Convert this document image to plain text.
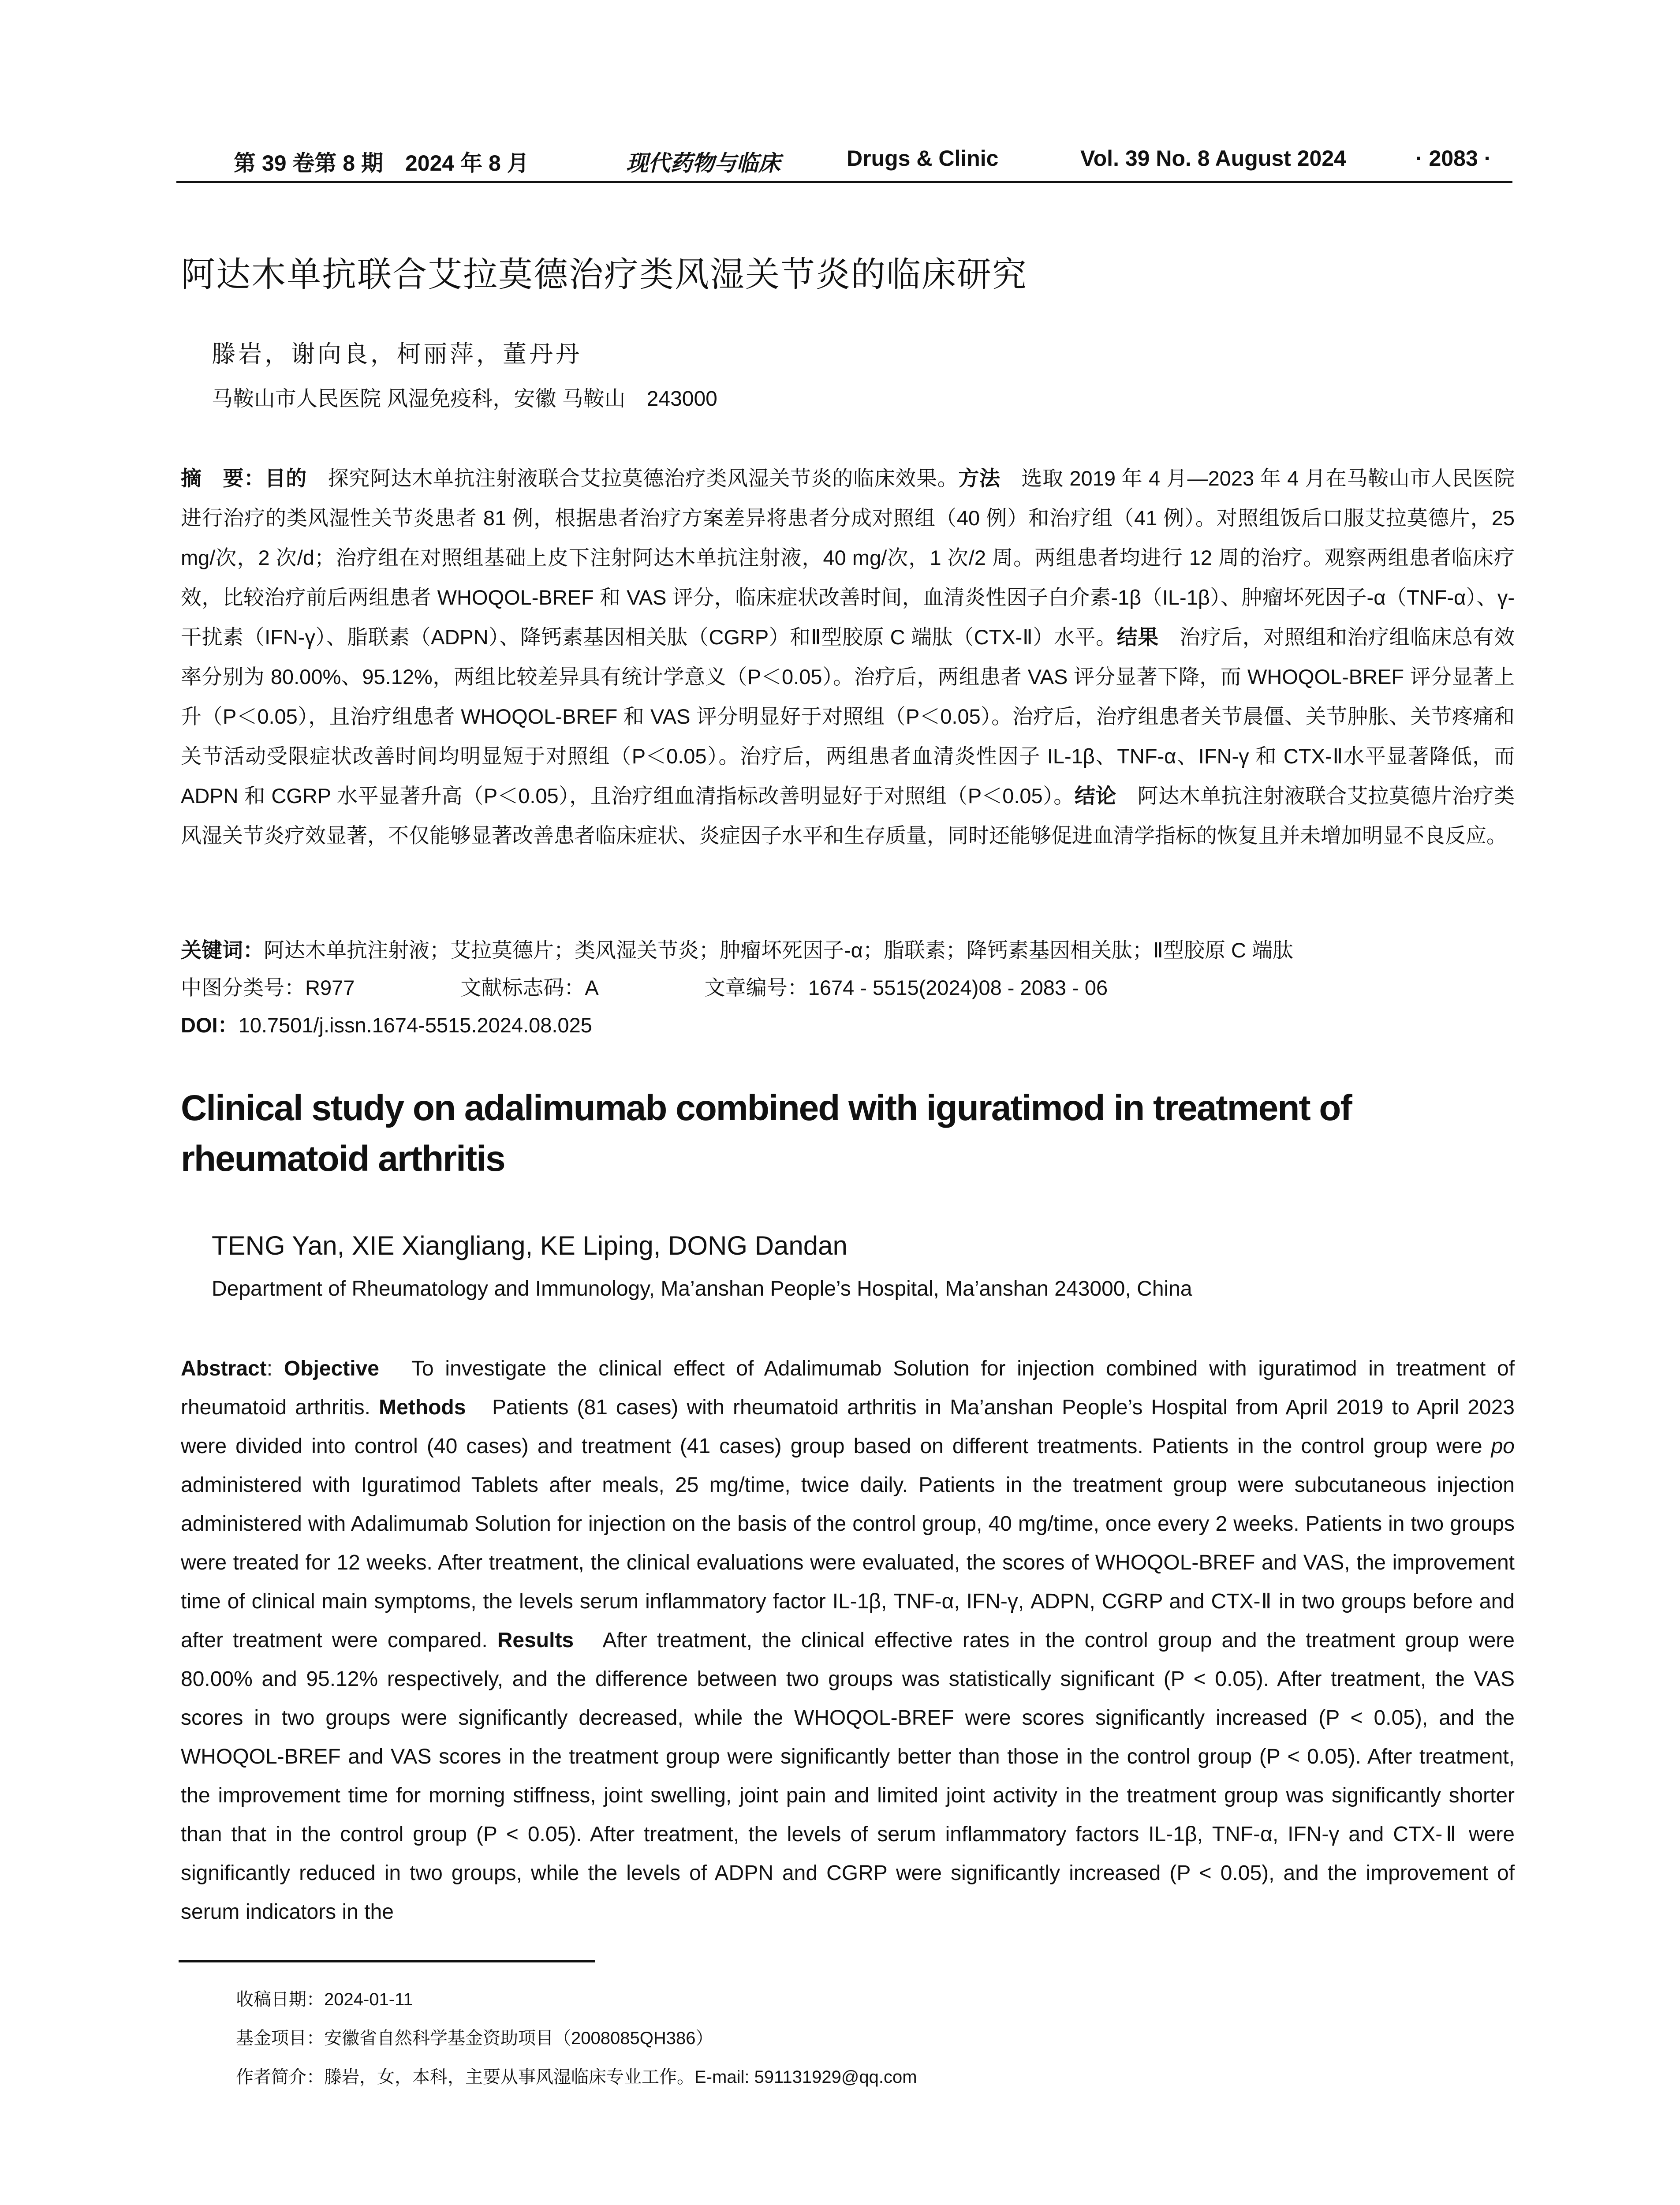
第 39 卷第 8 期　2024 年 8 月	现代药物与临床	Drugs & Clinic	Vol. 39 No. 8 August 2024	· 2083 ·
阿达木单抗联合艾拉莫德治疗类风湿关节炎的临床研究
滕岩，谢向良，柯丽萍，董丹丹
马鞍山市人民医院 风湿免疫科，安徽 马鞍山　243000
摘　要：目的　探究阿达木单抗注射液联合艾拉莫德治疗类风湿关节炎的临床效果。方法　选取 2019 年 4 月—2023 年 4 月在马鞍山市人民医院进行治疗的类风湿性关节炎患者 81 例，根据患者治疗方案差异将患者分成对照组（40 例）和治疗组（41 例）。对照组饭后口服艾拉莫德片，25 mg/次，2 次/d；治疗组在对照组基础上皮下注射阿达木单抗注射液，40 mg/次，1 次/2 周。两组患者均进行 12 周的治疗。观察两组患者临床疗效，比较治疗前后两组患者 WHOQOL-BREF 和 VAS 评分，临床症状改善时间，血清炎性因子白介素-1β（IL-1β）、肿瘤坏死因子-α（TNF-α）、γ-干扰素（IFN-γ）、脂联素（ADPN）、降钙素基因相关肽（CGRP）和Ⅱ型胶原 C 端肽（CTX-Ⅱ）水平。结果　治疗后，对照组和治疗组临床总有效率分别为 80.00%、95.12%，两组比较差异具有统计学意义（P＜0.05）。治疗后，两组患者 VAS 评分显著下降，而 WHOQOL-BREF 评分显著上升（P＜0.05），且治疗组患者 WHOQOL-BREF 和 VAS 评分明显好于对照组（P＜0.05）。治疗后，治疗组患者关节晨僵、关节肿胀、关节疼痛和关节活动受限症状改善时间均明显短于对照组（P＜0.05）。治疗后，两组患者血清炎性因子 IL-1β、TNF-α、IFN-γ 和 CTX-Ⅱ水平显著降低，而 ADPN 和 CGRP 水平显著升高（P＜0.05），且治疗组血清指标改善明显好于对照组（P＜0.05）。结论　阿达木单抗注射液联合艾拉莫德片治疗类风湿关节炎疗效显著，不仅能够显著改善患者临床症状、炎症因子水平和生存质量，同时还能够促进血清学指标的恢复且并未增加明显不良反应。
关键词：阿达木单抗注射液；艾拉莫德片；类风湿关节炎；肿瘤坏死因子-α；脂联素；降钙素基因相关肽；Ⅱ型胶原 C 端肽
中图分类号：R977	文献标志码：A	文章编号：1674 - 5515(2024)08 - 2083 - 06
DOI：10.7501/j.issn.1674-5515.2024.08.025
Clinical study on adalimumab combined with iguratimod in treatment of rheumatoid arthritis
TENG Yan, XIE Xiangliang, KE Liping, DONG Dandan
Department of Rheumatology and Immunology, Ma’anshan People’s Hospital, Ma’anshan 243000, China
Abstract: Objective　To investigate the clinical effect of Adalimumab Solution for injection combined with iguratimod in treatment of rheumatoid arthritis. Methods　Patients (81 cases) with rheumatoid arthritis in Ma’anshan People’s Hospital from April 2019 to April 2023 were divided into control (40 cases) and treatment (41 cases) group based on different treatments. Patients in the control group were po administered with Iguratimod Tablets after meals, 25 mg/time, twice daily. Patients in the treatment group were subcutaneous injection administered with Adalimumab Solution for injection on the basis of the control group, 40 mg/time, once every 2 weeks. Patients in two groups were treated for 12 weeks. After treatment, the clinical evaluations were evaluated, the scores of WHOQOL-BREF and VAS, the improvement time of clinical main symptoms, the levels serum inflammatory factor IL-1β, TNF-α, IFN-γ, ADPN, CGRP and CTX-Ⅱ in two groups before and after treatment were compared. Results　After treatment, the clinical effective rates in the control group and the treatment group were 80.00% and 95.12% respectively, and the difference between two groups was statistically significant (P < 0.05). After treatment, the VAS scores in two groups were significantly decreased, while the WHOQOL-BREF were scores significantly increased (P < 0.05), and the WHOQOL-BREF and VAS scores in the treatment group were significantly better than those in the control group (P < 0.05). After treatment, the improvement time for morning stiffness, joint swelling, joint pain and limited joint activity in the treatment group was significantly shorter than that in the control group (P < 0.05). After treatment, the levels of serum inflammatory factors IL-1β, TNF-α, IFN-γ and CTX-Ⅱ were significantly reduced in two groups, while the levels of ADPN and CGRP were significantly increased (P < 0.05), and the improvement of serum indicators in the
收稿日期：2024-01-11
基金项目：安徽省自然科学基金资助项目（2008085QH386）
作者简介：滕岩，女，本科，主要从事风湿临床专业工作。E-mail: 591131929@qq.com
